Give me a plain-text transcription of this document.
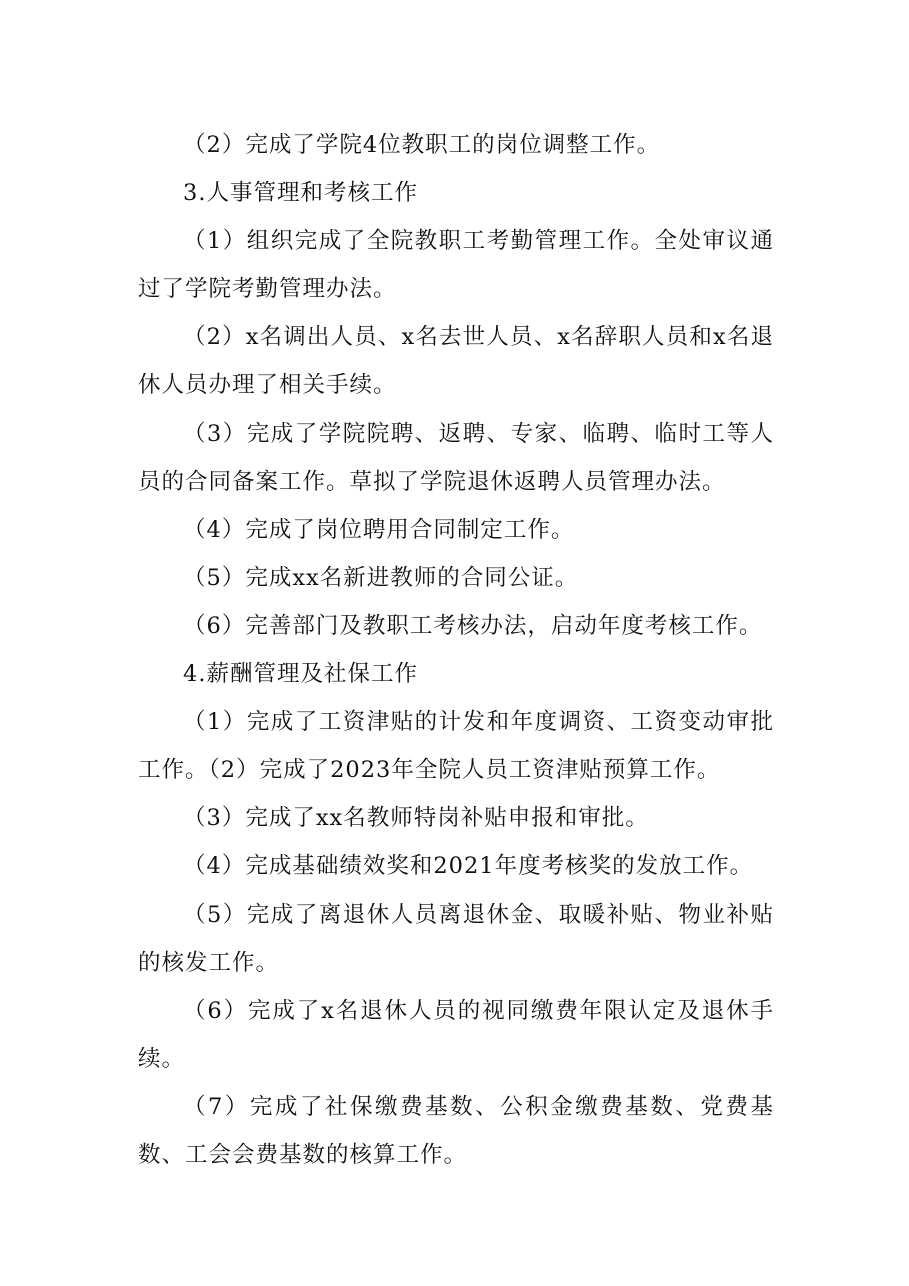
（2）完成了学院4位教职工的岗位调整工作。

3.人事管理和考核工作

（1）组织完成了全院教职工考勤管理工作。全处审议通过了学院考勤管理办法。

（2）x名调出人员、x名去世人员、x名辞职人员和x名退休人员办理了相关手续。

（3）完成了学院院聘、返聘、专家、临聘、临时工等人员的合同备案工作。草拟了学院退休返聘人员管理办法。

（4）完成了岗位聘用合同制定工作。

（5）完成xx名新进教师的合同公证。

（6）完善部门及教职工考核办法，启动年度考核工作。

4.薪酬管理及社保工作

（1）完成了工资津贴的计发和年度调资、工资变动审批工作。（2）完成了2023年全院人员工资津贴预算工作。

（3）完成了xx名教师特岗补贴申报和审批。

（4）完成基础绩效奖和2021年度考核奖的发放工作。

（5）完成了离退休人员离退休金、取暖补贴、物业补贴的核发工作。

（6）完成了x名退休人员的视同缴费年限认定及退休手续。

（7）完成了社保缴费基数、公积金缴费基数、党费基数、工会会费基数的核算工作。
